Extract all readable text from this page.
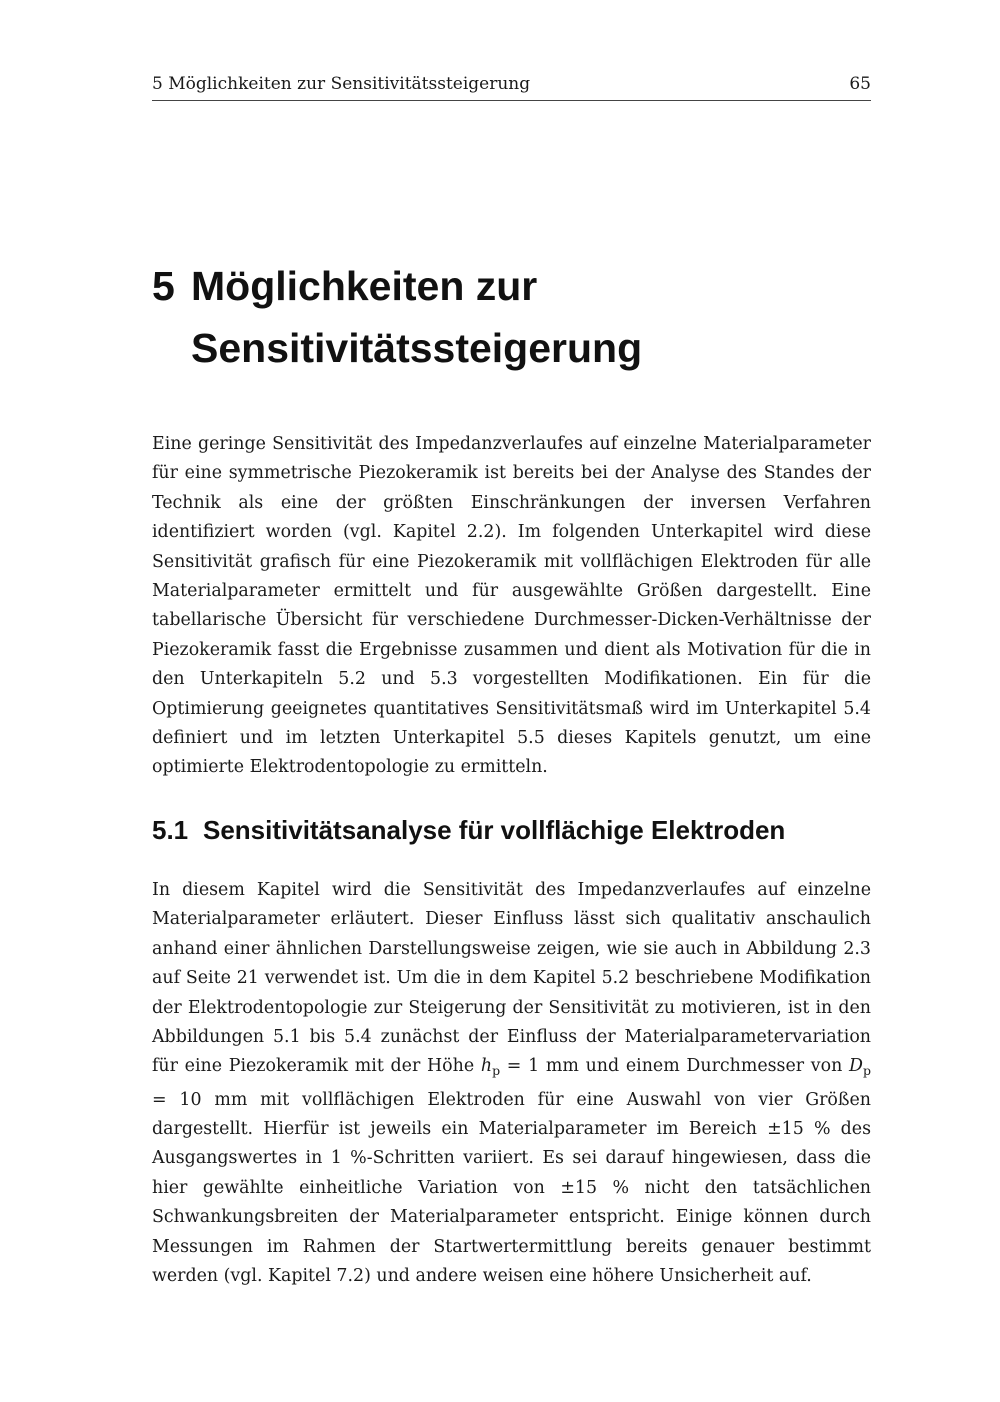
5 Möglichkeiten zur Sensitivitätssteigerung	65
5 Möglichkeiten zur Sensitivitätssteigerung

Eine geringe Sensitivität des Impedanzverlaufes auf einzelne Materialparameter für eine symmetrische Piezokeramik ist bereits bei der Analyse des Standes der Technik als eine der größten Einschränkungen der inversen Verfahren identifiziert worden (vgl. Kapitel 2.2). Im folgenden Unterkapitel wird diese Sensitivität grafisch für eine Piezokeramik mit vollflächigen Elektroden für alle Materialparameter ermittelt und für ausgewählte Größen dargestellt. Eine tabellarische Übersicht für verschiedene Durchmesser-Dicken-Verhältnisse der Piezokeramik fasst die Ergebnisse zusammen und dient als Motivation für die in den Unterkapiteln 5.2 und 5.3 vorgestellten Modifikationen. Ein für die Optimierung geeignetes quantitatives Sensitivitätsmaß wird im Unterkapitel 5.4 definiert und im letzten Unterkapitel 5.5 dieses Kapitels genutzt, um eine optimierte Elektrodentopologie zu ermitteln.

5.1 Sensitivitätsanalyse für vollflächige Elektroden

In diesem Kapitel wird die Sensitivität des Impedanzverlaufes auf einzelne Materialparameter erläutert. Dieser Einfluss lässt sich qualitativ anschaulich anhand einer ähnlichen Darstellungsweise zeigen, wie sie auch in Abbildung 2.3 auf Seite 21 verwendet ist. Um die in dem Kapitel 5.2 beschriebene Modifikation der Elektrodentopologie zur Steigerung der Sensitivität zu motivieren, ist in den Abbildungen 5.1 bis 5.4 zunächst der Einfluss der Materialparametervariation für eine Piezokeramik mit der Höhe $h_p = 1$ mm und einem Durchmesser von $D_p = 10$ mm mit vollflächigen Elektroden für eine Auswahl von vier Größen dargestellt. Hierfür ist jeweils ein Materialparameter im Bereich ±15 % des Ausgangswertes in 1 %-Schritten variiert. Es sei darauf hingewiesen, dass die hier gewählte einheitliche Variation von ±15 % nicht den tatsächlichen Schwankungsbreiten der Materialparameter entspricht. Einige können durch Messungen im Rahmen der Startwertermittlung bereits genauer bestimmt werden (vgl. Kapitel 7.2) und andere weisen eine höhere Unsicherheit auf.
